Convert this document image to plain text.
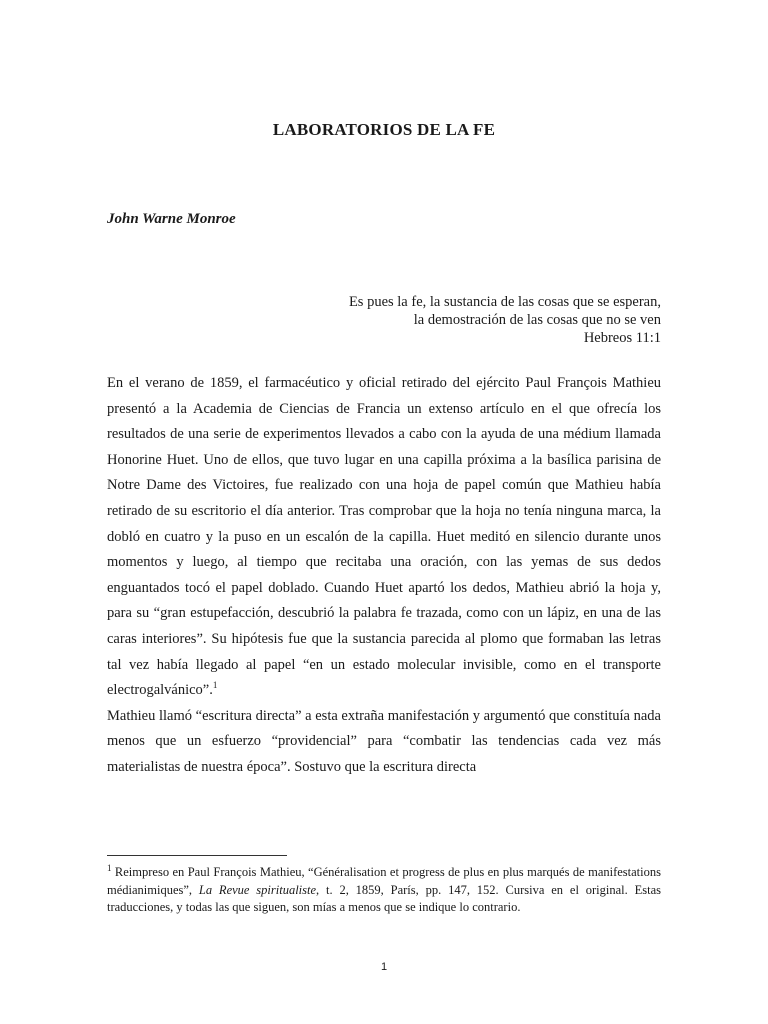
LABORATORIOS DE LA FE

John Warne Monroe

Es pues la fe, la sustancia de las cosas que se esperan,
la demostración de las cosas que no se ven
Hebreos 11:1

En el verano de 1859, el farmacéutico y oficial retirado del ejército Paul François Mathieu presentó a la Academia de Ciencias de Francia un extenso artículo en el que ofrecía los resultados de una serie de experimentos llevados a cabo con la ayuda de una médium llamada Honorine Huet. Uno de ellos, que tuvo lugar en una capilla próxima a la basílica parisina de Notre Dame des Victoires, fue realizado con una hoja de papel común que Mathieu había retirado de su escritorio el día anterior. Tras comprobar que la hoja no tenía ninguna marca, la dobló en cuatro y la puso en un escalón de la capilla. Huet meditó en silencio durante unos momentos y luego, al tiempo que recitaba una oración, con las yemas de sus dedos enguantados tocó el papel doblado. Cuando Huet apartó los dedos, Mathieu abrió la hoja y, para su “gran estupefacción, descubrió la palabra fe trazada, como con un lápiz, en una de las caras interiores”. Su hipótesis fue que la sustancia parecida al plomo que formaban las letras tal vez había llegado al papel “en un estado molecular invisible, como en el transporte electrogalvánico”.$^1$

Mathieu llamó “escritura directa” a esta extraña manifestación y argumentó que constituía nada menos que un esfuerzo “providencial” para “combatir las tendencias cada vez más materialistas de nuestra época”. Sostuvo que la escritura directa

$^1$ Reimpreso en Paul François Mathieu, “Généralisation et progress de plus en plus marqués de manifestations médianimiques”, La Revue spiritualiste, t. 2, 1859, París, pp. 147, 152. Cursiva en el original. Estas traducciones, y todas las que siguen, son mías a menos que se indique lo contrario.

1
